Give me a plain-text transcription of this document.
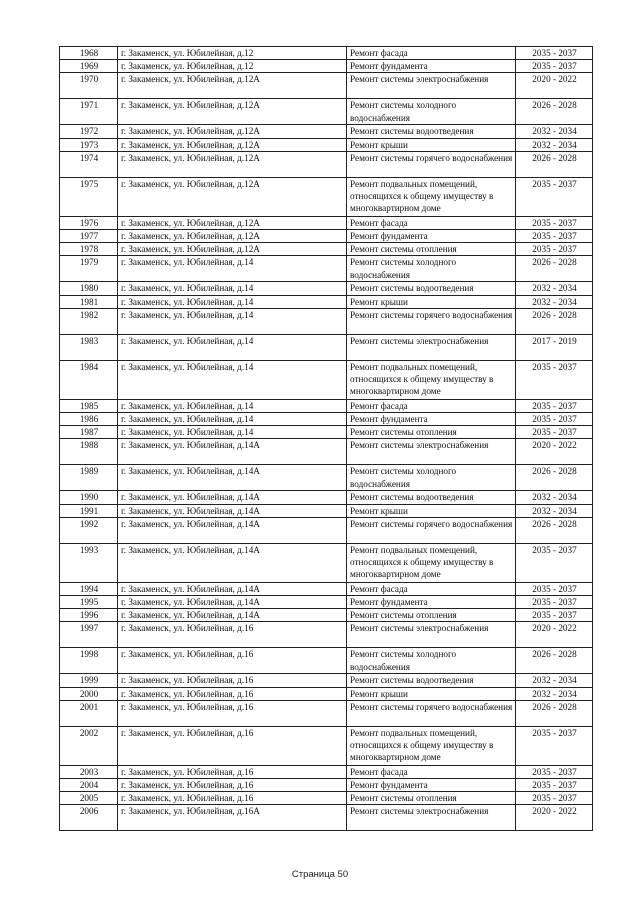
1968	г. Закаменск, ул. Юбилейная, д.12	Ремонт фасада	2035 - 2037
1969	г. Закаменск, ул. Юбилейная, д.12	Ремонт фундамента	2035 - 2037
1970	г. Закаменск, ул. Юбилейная, д.12А	Ремонт системы электроснабжения	2020 - 2022
1971	г. Закаменск, ул. Юбилейная, д.12А	Ремонт системы холодного водоснабжения	2026 - 2028
1972	г. Закаменск, ул. Юбилейная, д.12А	Ремонт системы водоотведения	2032 - 2034
1973	г. Закаменск, ул. Юбилейная, д.12А	Ремонт крыши	2032 - 2034
1974	г. Закаменск, ул. Юбилейная, д.12А	Ремонт системы горячего водоснабжения	2026 - 2028
1975	г. Закаменск, ул. Юбилейная, д.12А	Ремонт подвальных помещений, относящихся к общему имуществу в многоквартирном доме	2035 - 2037
1976	г. Закаменск, ул. Юбилейная, д.12А	Ремонт фасада	2035 - 2037
1977	г. Закаменск, ул. Юбилейная, д.12А	Ремонт фундамента	2035 - 2037
1978	г. Закаменск, ул. Юбилейная, д.12А	Ремонт системы отопления	2035 - 2037
1979	г. Закаменск, ул. Юбилейная, д.14	Ремонт системы холодного водоснабжения	2026 - 2028
1980	г. Закаменск, ул. Юбилейная, д.14	Ремонт системы водоотведения	2032 - 2034
1981	г. Закаменск, ул. Юбилейная, д.14	Ремонт крыши	2032 - 2034
1982	г. Закаменск, ул. Юбилейная, д.14	Ремонт системы горячего водоснабжения	2026 - 2028
1983	г. Закаменск, ул. Юбилейная, д.14	Ремонт системы электроснабжения	2017 - 2019
1984	г. Закаменск, ул. Юбилейная, д.14	Ремонт подвальных помещений, относящихся к общему имуществу в многоквартирном доме	2035 - 2037
1985	г. Закаменск, ул. Юбилейная, д.14	Ремонт фасада	2035 - 2037
1986	г. Закаменск, ул. Юбилейная, д.14	Ремонт фундамента	2035 - 2037
1987	г. Закаменск, ул. Юбилейная, д.14	Ремонт системы отопления	2035 - 2037
1988	г. Закаменск, ул. Юбилейная, д.14А	Ремонт системы электроснабжения	2020 - 2022
1989	г. Закаменск, ул. Юбилейная, д.14А	Ремонт системы холодного водоснабжения	2026 - 2028
1990	г. Закаменск, ул. Юбилейная, д.14А	Ремонт системы водоотведения	2032 - 2034
1991	г. Закаменск, ул. Юбилейная, д.14А	Ремонт крыши	2032 - 2034
1992	г. Закаменск, ул. Юбилейная, д.14А	Ремонт системы горячего водоснабжения	2026 - 2028
1993	г. Закаменск, ул. Юбилейная, д.14А	Ремонт подвальных помещений, относящихся к общему имуществу в многоквартирном доме	2035 - 2037
1994	г. Закаменск, ул. Юбилейная, д.14А	Ремонт фасада	2035 - 2037
1995	г. Закаменск, ул. Юбилейная, д.14А	Ремонт фундамента	2035 - 2037
1996	г. Закаменск, ул. Юбилейная, д.14А	Ремонт системы отопления	2035 - 2037
1997	г. Закаменск, ул. Юбилейная, д.16	Ремонт системы электроснабжения	2020 - 2022
1998	г. Закаменск, ул. Юбилейная, д.16	Ремонт системы холодного водоснабжения	2026 - 2028
1999	г. Закаменск, ул. Юбилейная, д.16	Ремонт системы водоотведения	2032 - 2034
2000	г. Закаменск, ул. Юбилейная, д.16	Ремонт крыши	2032 - 2034
2001	г. Закаменск, ул. Юбилейная, д.16	Ремонт системы горячего водоснабжения	2026 - 2028
2002	г. Закаменск, ул. Юбилейная, д.16	Ремонт подвальных помещений, относящихся к общему имуществу в многоквартирном доме	2035 - 2037
2003	г. Закаменск, ул. Юбилейная, д.16	Ремонт фасада	2035 - 2037
2004	г. Закаменск, ул. Юбилейная, д.16	Ремонт фундамента	2035 - 2037
2005	г. Закаменск, ул. Юбилейная, д.16	Ремонт системы отопления	2035 - 2037
2006	г. Закаменск, ул. Юбилейная, д.16А	Ремонт системы электроснабжения	2020 - 2022
Страница 50
